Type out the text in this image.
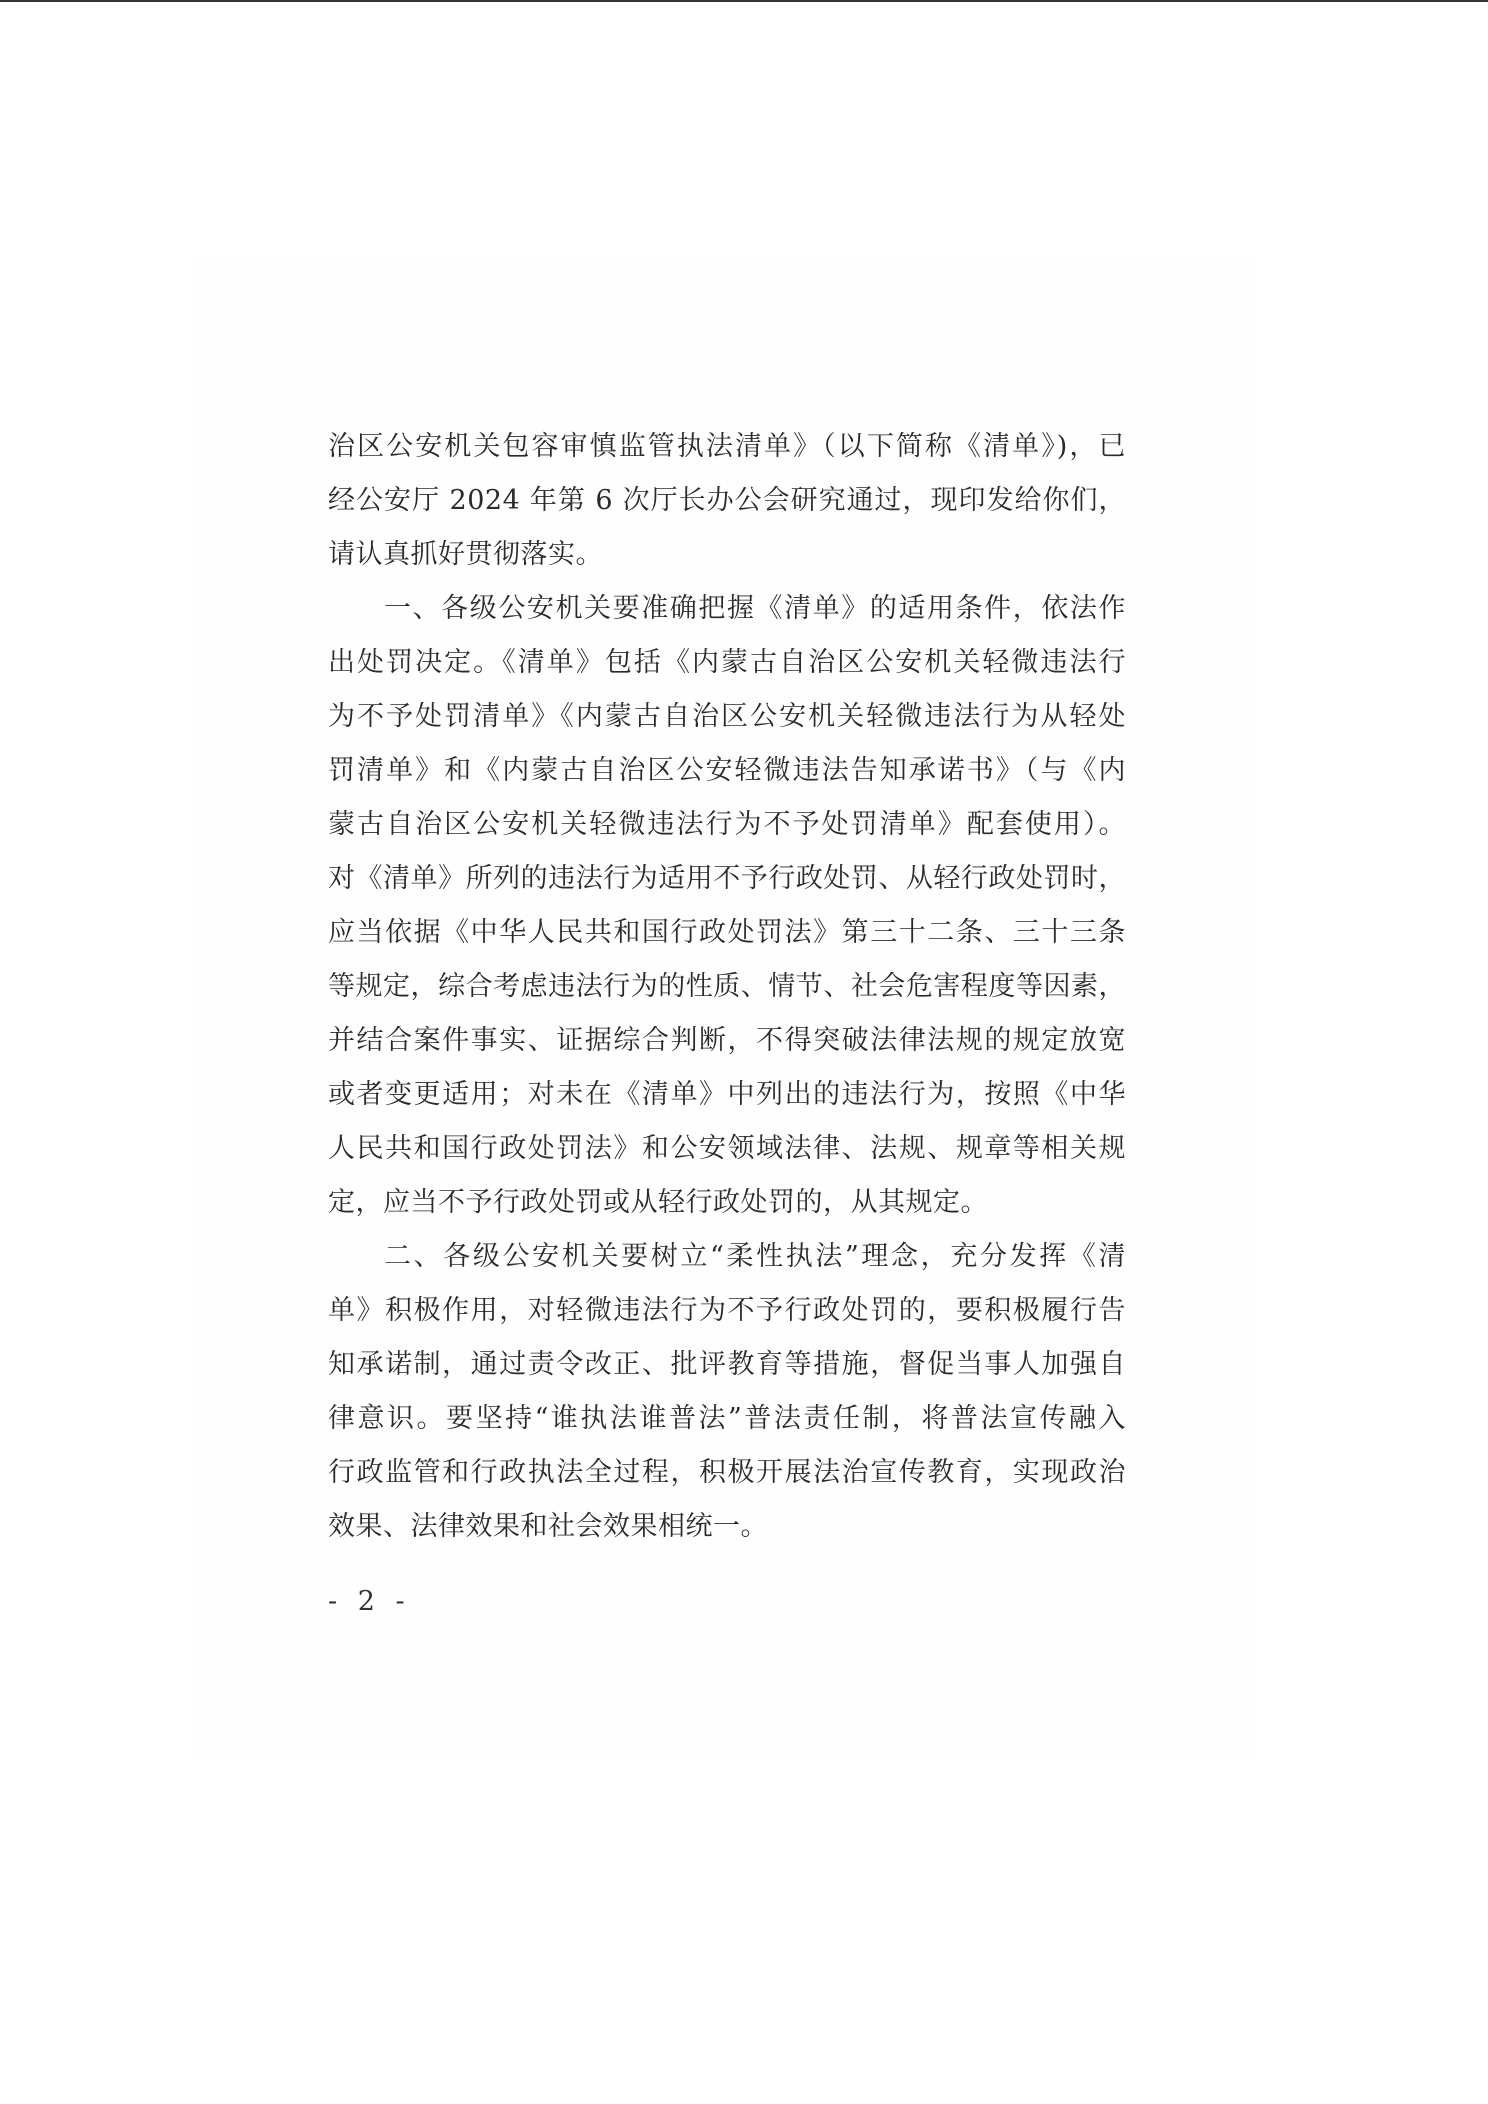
治区公安机关包容审慎监管执法清单》（以下简称《清单》)，已
经公安厅 2024 年第 6 次厅长办公会研究通过，现印发给你们，
请认真抓好贯彻落实。
一、各级公安机关要准确把握《清单》的适用条件，依法作
出处罚决定。《清单》包括《内蒙古自治区公安机关轻微违法行
为不予处罚清单》《内蒙古自治区公安机关轻微违法行为从轻处
罚清单》和《内蒙古自治区公安轻微违法告知承诺书》（与《内
蒙古自治区公安机关轻微违法行为不予处罚清单》配套使用）。
对《清单》所列的违法行为适用不予行政处罚、从轻行政处罚时，
应当依据《中华人民共和国行政处罚法》第三十二条、三十三条
等规定，综合考虑违法行为的性质、情节、社会危害程度等因素，
并结合案件事实、证据综合判断，不得突破法律法规的规定放宽
或者变更适用；对未在《清单》中列出的违法行为，按照《中华
人民共和国行政处罚法》和公安领域法律、法规、规章等相关规
定，应当不予行政处罚或从轻行政处罚的，从其规定。
二、各级公安机关要树立“柔性执法”理念，充分发挥《清
单》积极作用，对轻微违法行为不予行政处罚的，要积极履行告
知承诺制，通过责令改正、批评教育等措施，督促当事人加强自
律意识。要坚持“谁执法谁普法”普法责任制，将普法宣传融入
行政监管和行政执法全过程，积极开展法治宣传教育，实现政治
效果、法律效果和社会效果相统一。
- 2 -
